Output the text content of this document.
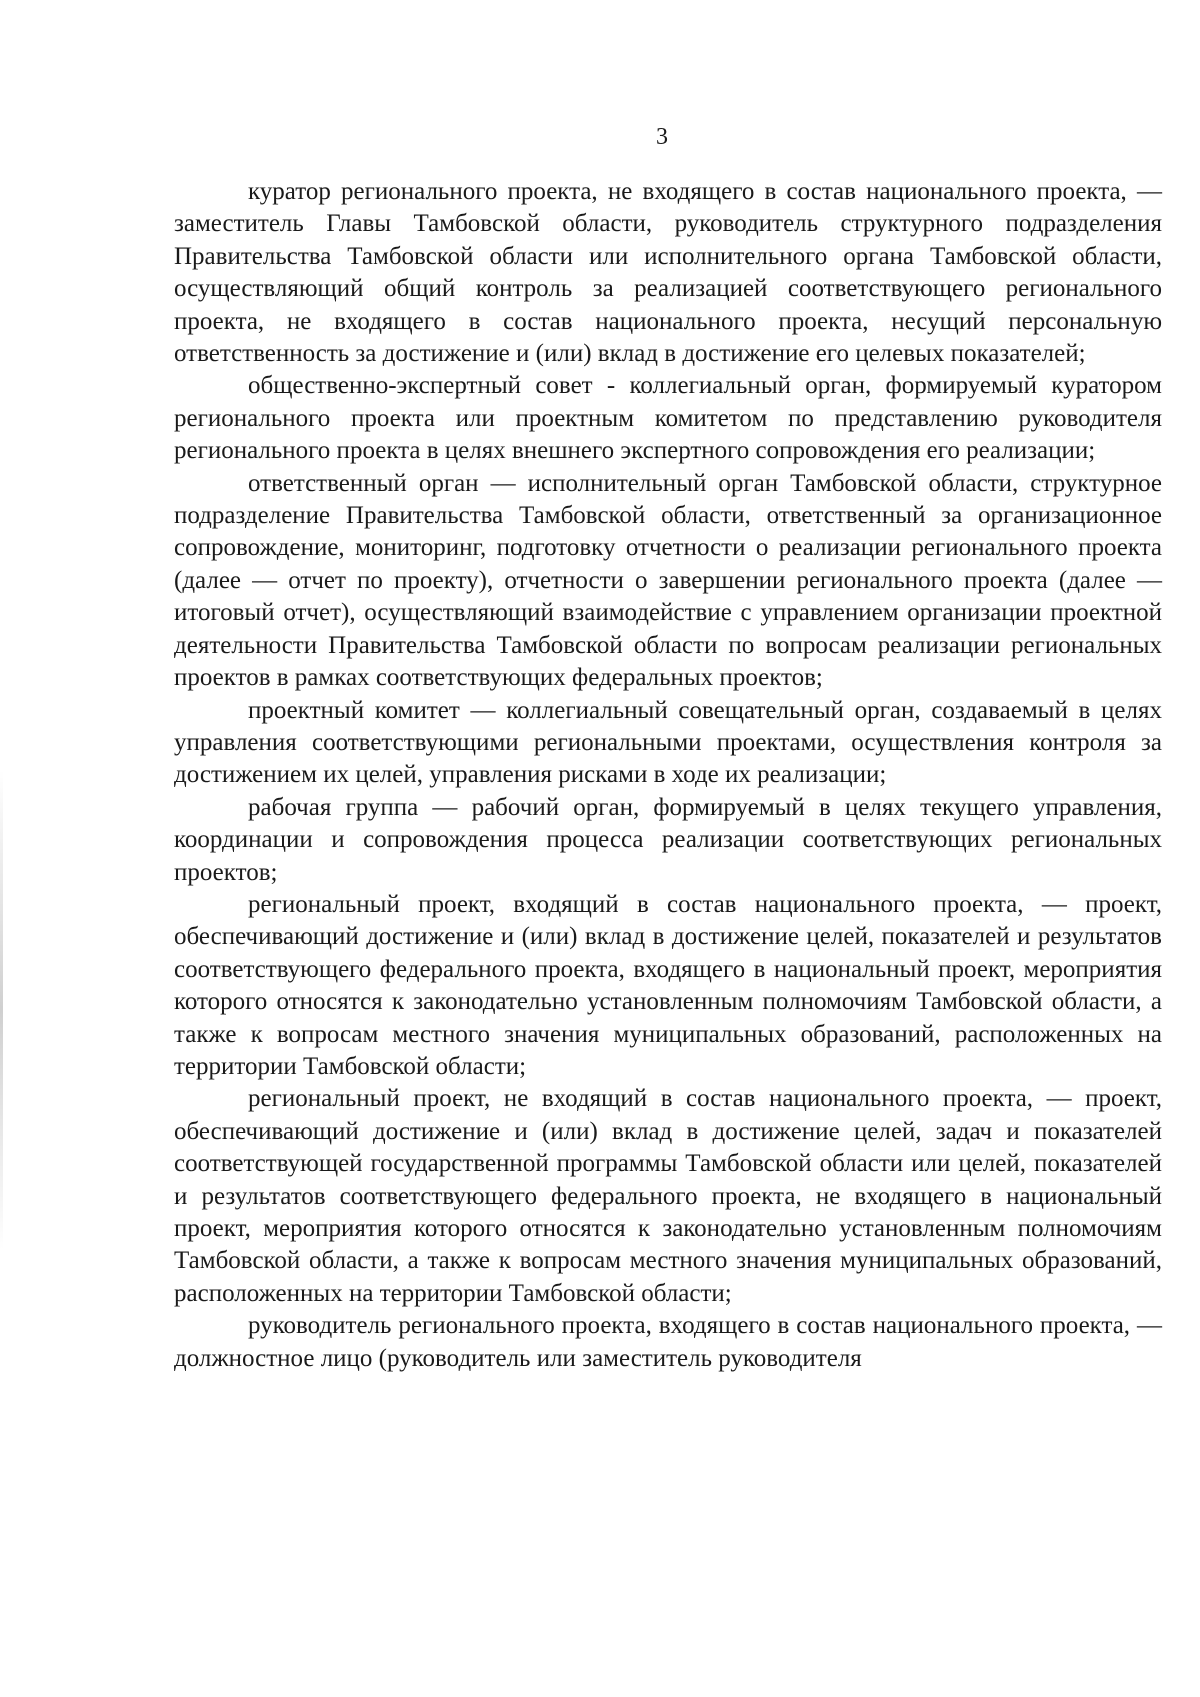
3

куратор регионального проекта, не входящего в состав национального проекта, — заместитель Главы Тамбовской области, руководитель структурного подразделения Правительства Тамбовской области или исполнительного органа Тамбовской области, осуществляющий общий контроль за реализацией соответствующего регионального проекта, не входящего в состав национального проекта, несущий персональную ответственность за достижение и (или) вклад в достижение его целевых показателей;

общественно-экспертный совет - коллегиальный орган, формируемый куратором регионального проекта или проектным комитетом по представлению руководителя регионального проекта в целях внешнего экспертного сопровождения его реализации;

ответственный орган — исполнительный орган Тамбовской области, структурное подразделение Правительства Тамбовской области, ответственный за организационное сопровождение, мониторинг, подготовку отчетности о реализации регионального проекта (далее — отчет по проекту), отчетности о завершении регионального проекта (далее — итоговый отчет), осуществляющий взаимодействие с управлением организации проектной деятельности Правительства Тамбовской области по вопросам реализации региональных проектов в рамках соответствующих федеральных проектов;

проектный комитет — коллегиальный совещательный орган, создаваемый в целях управления соответствующими региональными проектами, осуществления контроля за достижением их целей, управления рисками в ходе их реализации;

рабочая группа — рабочий орган, формируемый в целях текущего управления, координации и сопровождения процесса реализации соответствующих региональных проектов;

региональный проект, входящий в состав национального проекта, — проект, обеспечивающий достижение и (или) вклад в достижение целей, показателей и результатов соответствующего федерального проекта, входящего в национальный проект, мероприятия которого относятся к законодательно установленным полномочиям Тамбовской области, а также к вопросам местного значения муниципальных образований, расположенных на территории Тамбовской области;

региональный проект, не входящий в состав национального проекта, — проект, обеспечивающий достижение и (или) вклад в достижение целей, задач и показателей соответствующей государственной программы Тамбовской области или целей, показателей и результатов соответствующего федерального проекта, не входящего в национальный проект, мероприятия которого относятся к законодательно установленным полномочиям Тамбовской области, а также к вопросам местного значения муниципальных образований, расположенных на территории Тамбовской области;

руководитель регионального проекта, входящего в состав национального проекта, — должностное лицо (руководитель или заместитель руководителя
